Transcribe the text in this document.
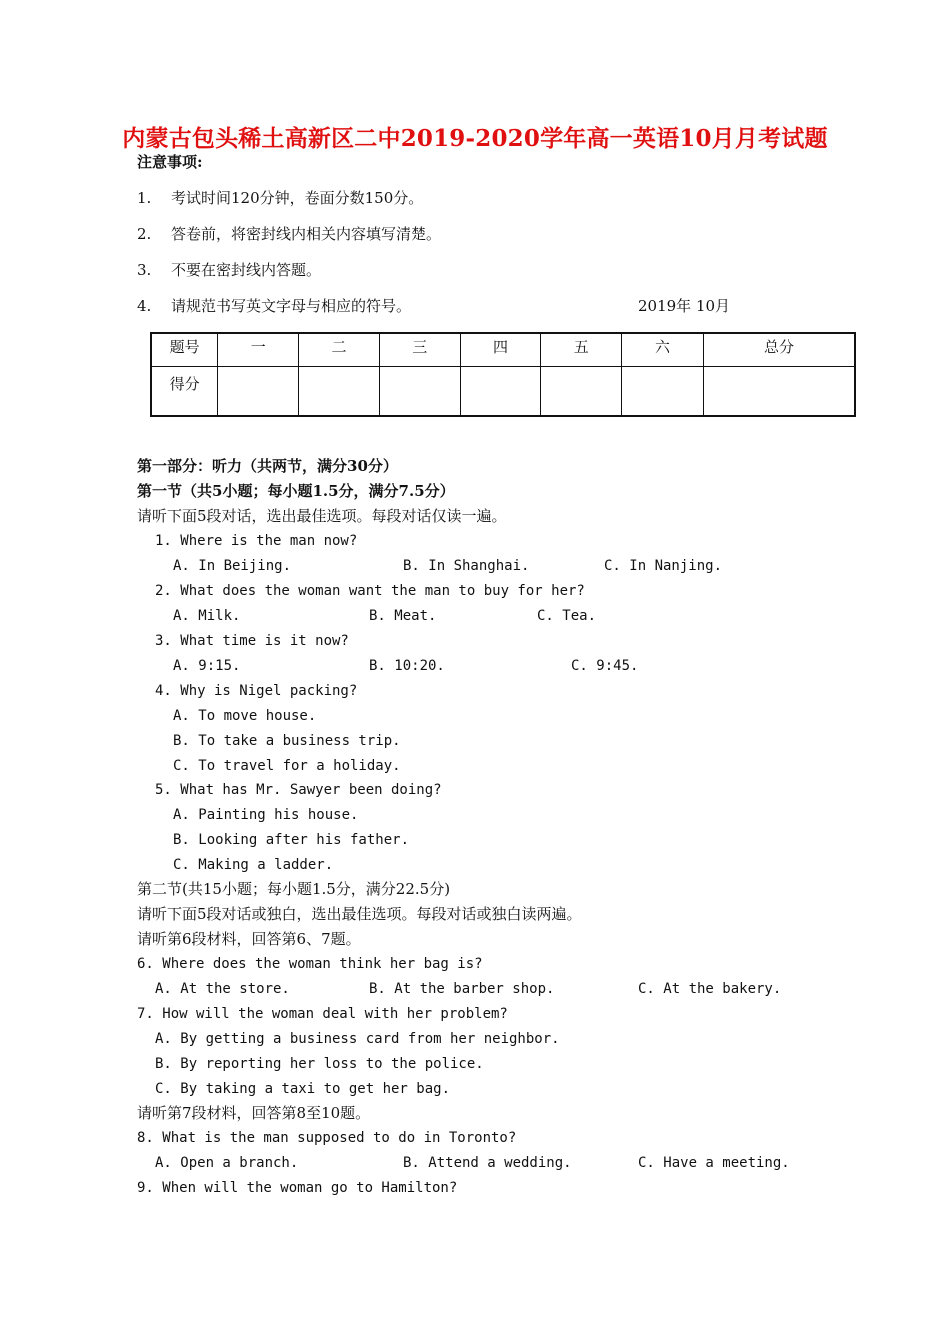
内蒙古包头稀土高新区二中2019-2020学年高一英语10月月考试题
注意事项:
1. 考试时间120分钟，卷面分数150分。
2. 答卷前，将密封线内相关内容填写清楚。
3. 不要在密封线内答题。
4. 请规范书写英文字母与相应的符号。	2019年 10月
题号	一	二	三	四	五	六	总分
得分							
第一部分：听力（共两节，满分30分）
第一节（共5小题；每小题1.5分，满分7.5分）
请听下面5段对话，选出最佳选项。每段对话仅读一遍。
1. Where is the man now?
A. In Beijing.	B. In Shanghai.	C. In Nanjing.
2. What does the woman want the man to buy for her?
A. Milk.	B. Meat.	C. Tea.
3. What time is it now?
A. 9:15.	B. 10:20.	C. 9:45.
4. Why is Nigel packing?
A. To move house.
B. To take a business trip.
C. To travel for a holiday.
5. What has Mr. Sawyer been doing?
A. Painting his house.
B. Looking after his father.
C. Making a ladder.
第二节(共15小题；每小题1.5分，满分22.5分)
请听下面5段对话或独白，选出最佳选项。每段对话或独白读两遍。
请听第6段材料，回答第6、7题。
6. Where does the woman think her bag is?
A. At the store.	B. At the barber shop.	C. At the bakery.
7. How will the woman deal with her problem?
A. By getting a business card from her neighbor.
B. By reporting her loss to the police.
C. By taking a taxi to get her bag.
请听第7段材料，回答第8至10题。
8. What is the man supposed to do in Toronto?
A. Open a branch.	B. Attend a wedding.	C. Have a meeting.
9. When will the woman go to Hamilton?
